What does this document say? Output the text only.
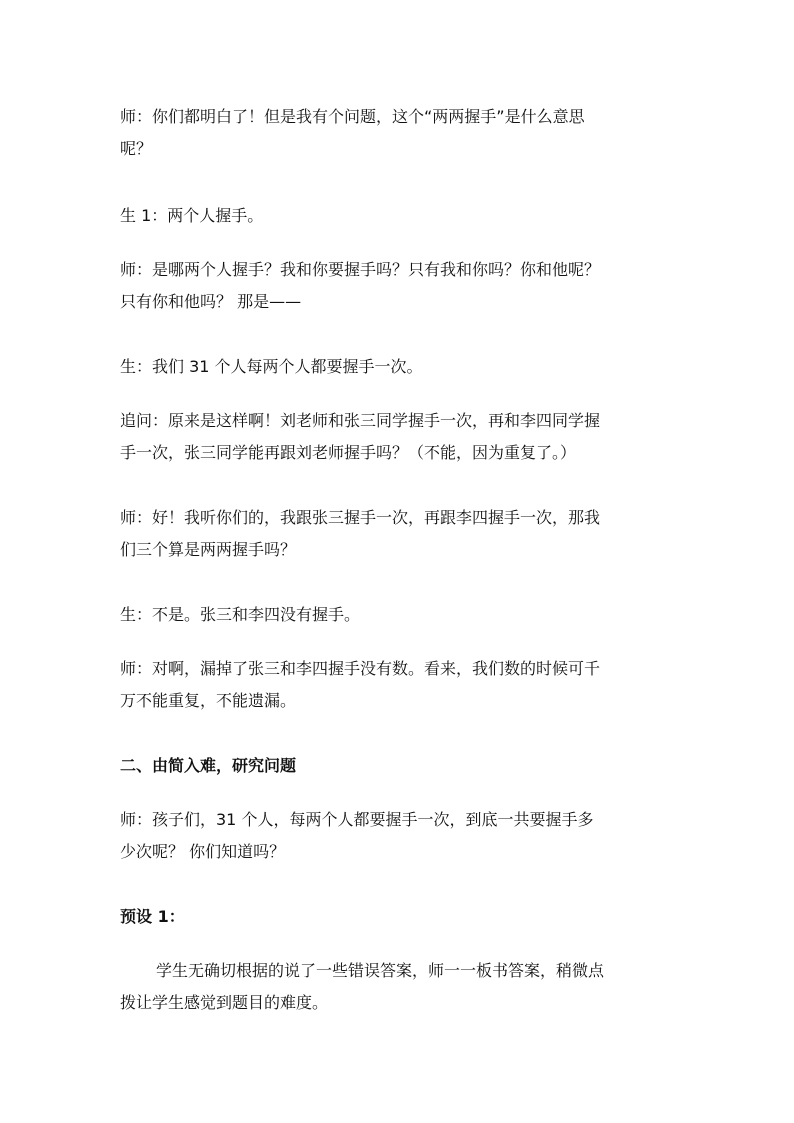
师：你们都明白了！但是我有个问题，这个“两两握手”是什么意思
呢？
生 1：两个人握手。
师：是哪两个人握手？我和你要握手吗？只有我和你吗？你和他呢？
只有你和他吗？ 那是——
生：我们 31 个人每两个人都要握手一次。
追问：原来是这样啊！刘老师和张三同学握手一次，再和李四同学握
手一次，张三同学能再跟刘老师握手吗？（不能，因为重复了。）
师：好！我听你们的，我跟张三握手一次，再跟李四握手一次，那我
们三个算是两两握手吗？
生：不是。张三和李四没有握手。
师：对啊，漏掉了张三和李四握手没有数。看来，我们数的时候可千
万不能重复，不能遗漏。
二、由简入难，研究问题
师：孩子们，31 个人，每两个人都要握手一次，到底一共要握手多
少次呢？ 你们知道吗？
预设 1：
学生无确切根据的说了一些错误答案，师一一板书答案，稍微点
拨让学生感觉到题目的难度。
